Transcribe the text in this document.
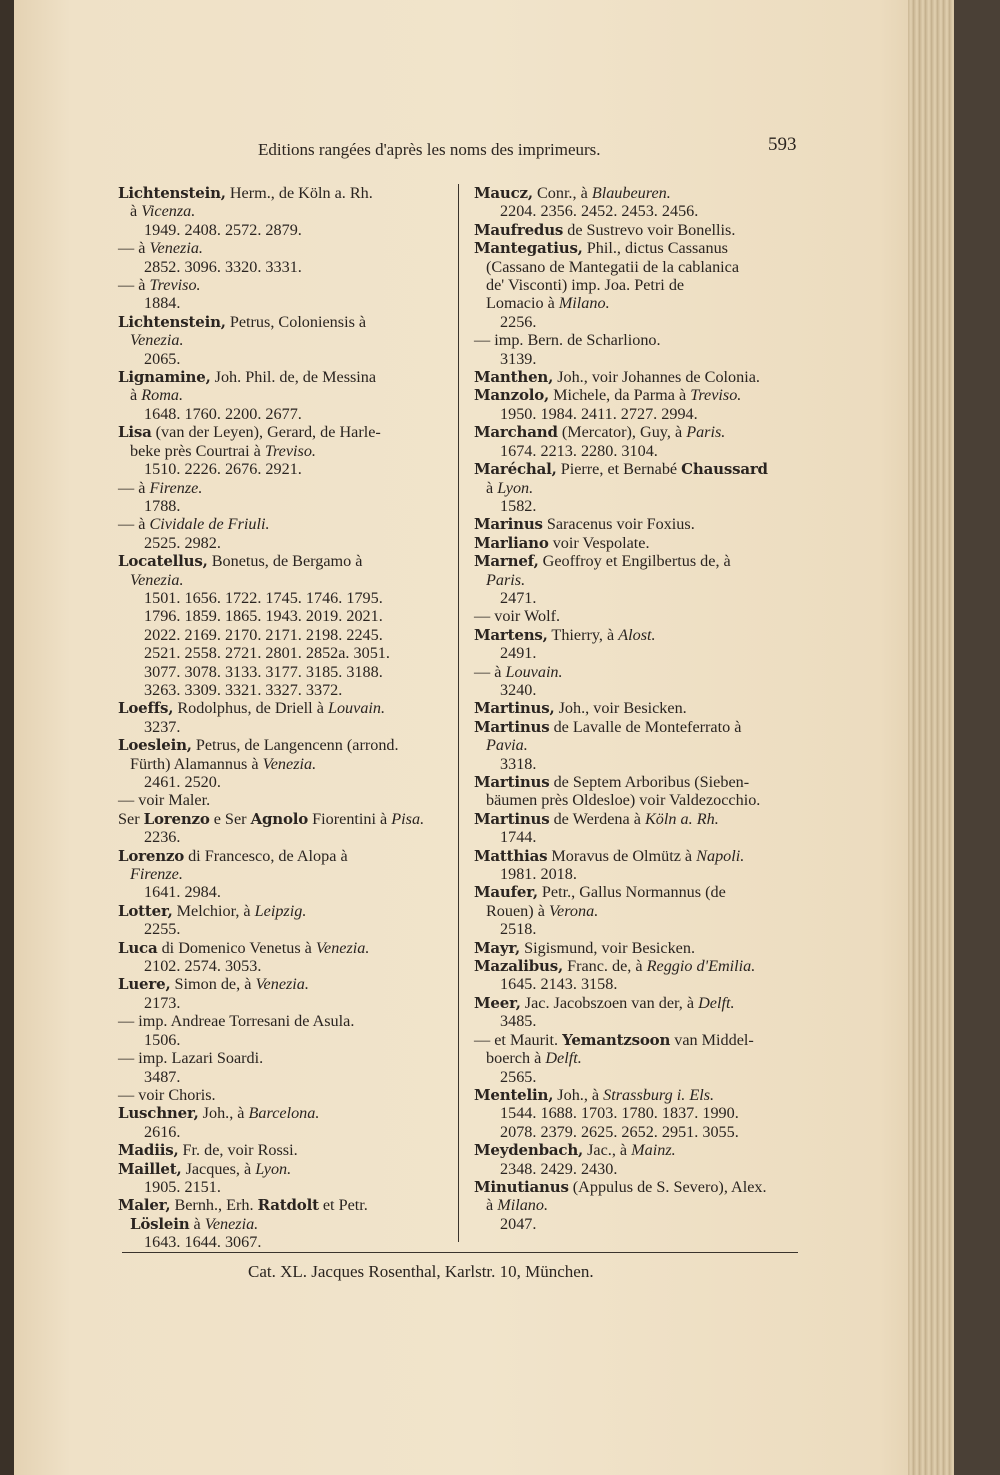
Editions rangées d'après les noms des imprimeurs.	593
Lichtenstein, Herm., de Köln a. Rh.
à Vicenza.
1949. 2408. 2572. 2879.
— à Venezia.
2852. 3096. 3320. 3331.
— à Treviso.
1884.
Lichtenstein, Petrus, Coloniensis à
Venezia.
2065.
Lignamine, Joh. Phil. de, de Messina
à Roma.
1648. 1760. 2200. 2677.
Lisa (van der Leyen), Gerard, de Harle-
beke près Courtrai à Treviso.
1510. 2226. 2676. 2921.
— à Firenze.
1788.
— à Cividale de Friuli.
2525. 2982.
Locatellus, Bonetus, de Bergamo à
Venezia.
1501. 1656. 1722. 1745. 1746. 1795.
1796. 1859. 1865. 1943. 2019. 2021.
2022. 2169. 2170. 2171. 2198. 2245.
2521. 2558. 2721. 2801. 2852a. 3051.
3077. 3078. 3133. 3177. 3185. 3188.
3263. 3309. 3321. 3327. 3372.
Loeffs, Rodolphus, de Driell à Louvain.
3237.
Loeslein, Petrus, de Langencenn (arrond.
Fürth) Alamannus à Venezia.
2461. 2520.
— voir Maler.
Ser Lorenzo e Ser Agnolo Fiorentini à Pisa.
2236.
Lorenzo di Francesco, de Alopa à
Firenze.
1641. 2984.
Lotter, Melchior, à Leipzig.
2255.
Luca di Domenico Venetus à Venezia.
2102. 2574. 3053.
Luere, Simon de, à Venezia.
2173.
— imp. Andreae Torresani de Asula.
1506.
— imp. Lazari Soardi.
3487.
— voir Choris.
Luschner, Joh., à Barcelona.
2616.
Madiis, Fr. de, voir Rossi.
Maillet, Jacques, à Lyon.
1905. 2151.
Maler, Bernh., Erh. Ratdolt et Petr.
Löslein à Venezia.
1643. 1644. 3067.
Maucz, Conr., à Blaubeuren.
2204. 2356. 2452. 2453. 2456.
Maufredus de Sustrevo voir Bonellis.
Mantegatius, Phil., dictus Cassanus
(Cassano de Mantegatii de la cablanica
de' Visconti) imp. Joa. Petri de
Lomacio à Milano.
2256.
— imp. Bern. de Scharliono.
3139.
Manthen, Joh., voir Johannes de Colonia.
Manzolo, Michele, da Parma à Treviso.
1950. 1984. 2411. 2727. 2994.
Marchand (Mercator), Guy, à Paris.
1674. 2213. 2280. 3104.
Maréchal, Pierre, et Bernabé Chaussard
à Lyon.
1582.
Marinus Saracenus voir Foxius.
Marliano voir Vespolate.
Marnef, Geoffroy et Engilbertus de, à
Paris.
2471.
— voir Wolf.
Martens, Thierry, à Alost.
2491.
— à Louvain.
3240.
Martinus, Joh., voir Besicken.
Martinus de Lavalle de Monteferrato à
Pavia.
3318.
Martinus de Septem Arboribus (Sieben-
bäumen près Oldesloe) voir Valdezocchio.
Martinus de Werdena à Köln a. Rh.
1744.
Matthias Moravus de Olmütz à Napoli.
1981. 2018.
Maufer, Petr., Gallus Normannus (de
Rouen) à Verona.
2518.
Mayr, Sigismund, voir Besicken.
Mazalibus, Franc. de, à Reggio d'Emilia.
1645. 2143. 3158.
Meer, Jac. Jacobszoen van der, à Delft.
3485.
— et Maurit. Yemantzsoon van Middel-
boerch à Delft.
2565.
Mentelin, Joh., à Strassburg i. Els.
1544. 1688. 1703. 1780. 1837. 1990.
2078. 2379. 2625. 2652. 2951. 3055.
Meydenbach, Jac., à Mainz.
2348. 2429. 2430.
Minutianus (Appulus de S. Severo), Alex.
à Milano.
2047.
Cat. XL. Jacques Rosenthal, Karlstr. 10, München.
